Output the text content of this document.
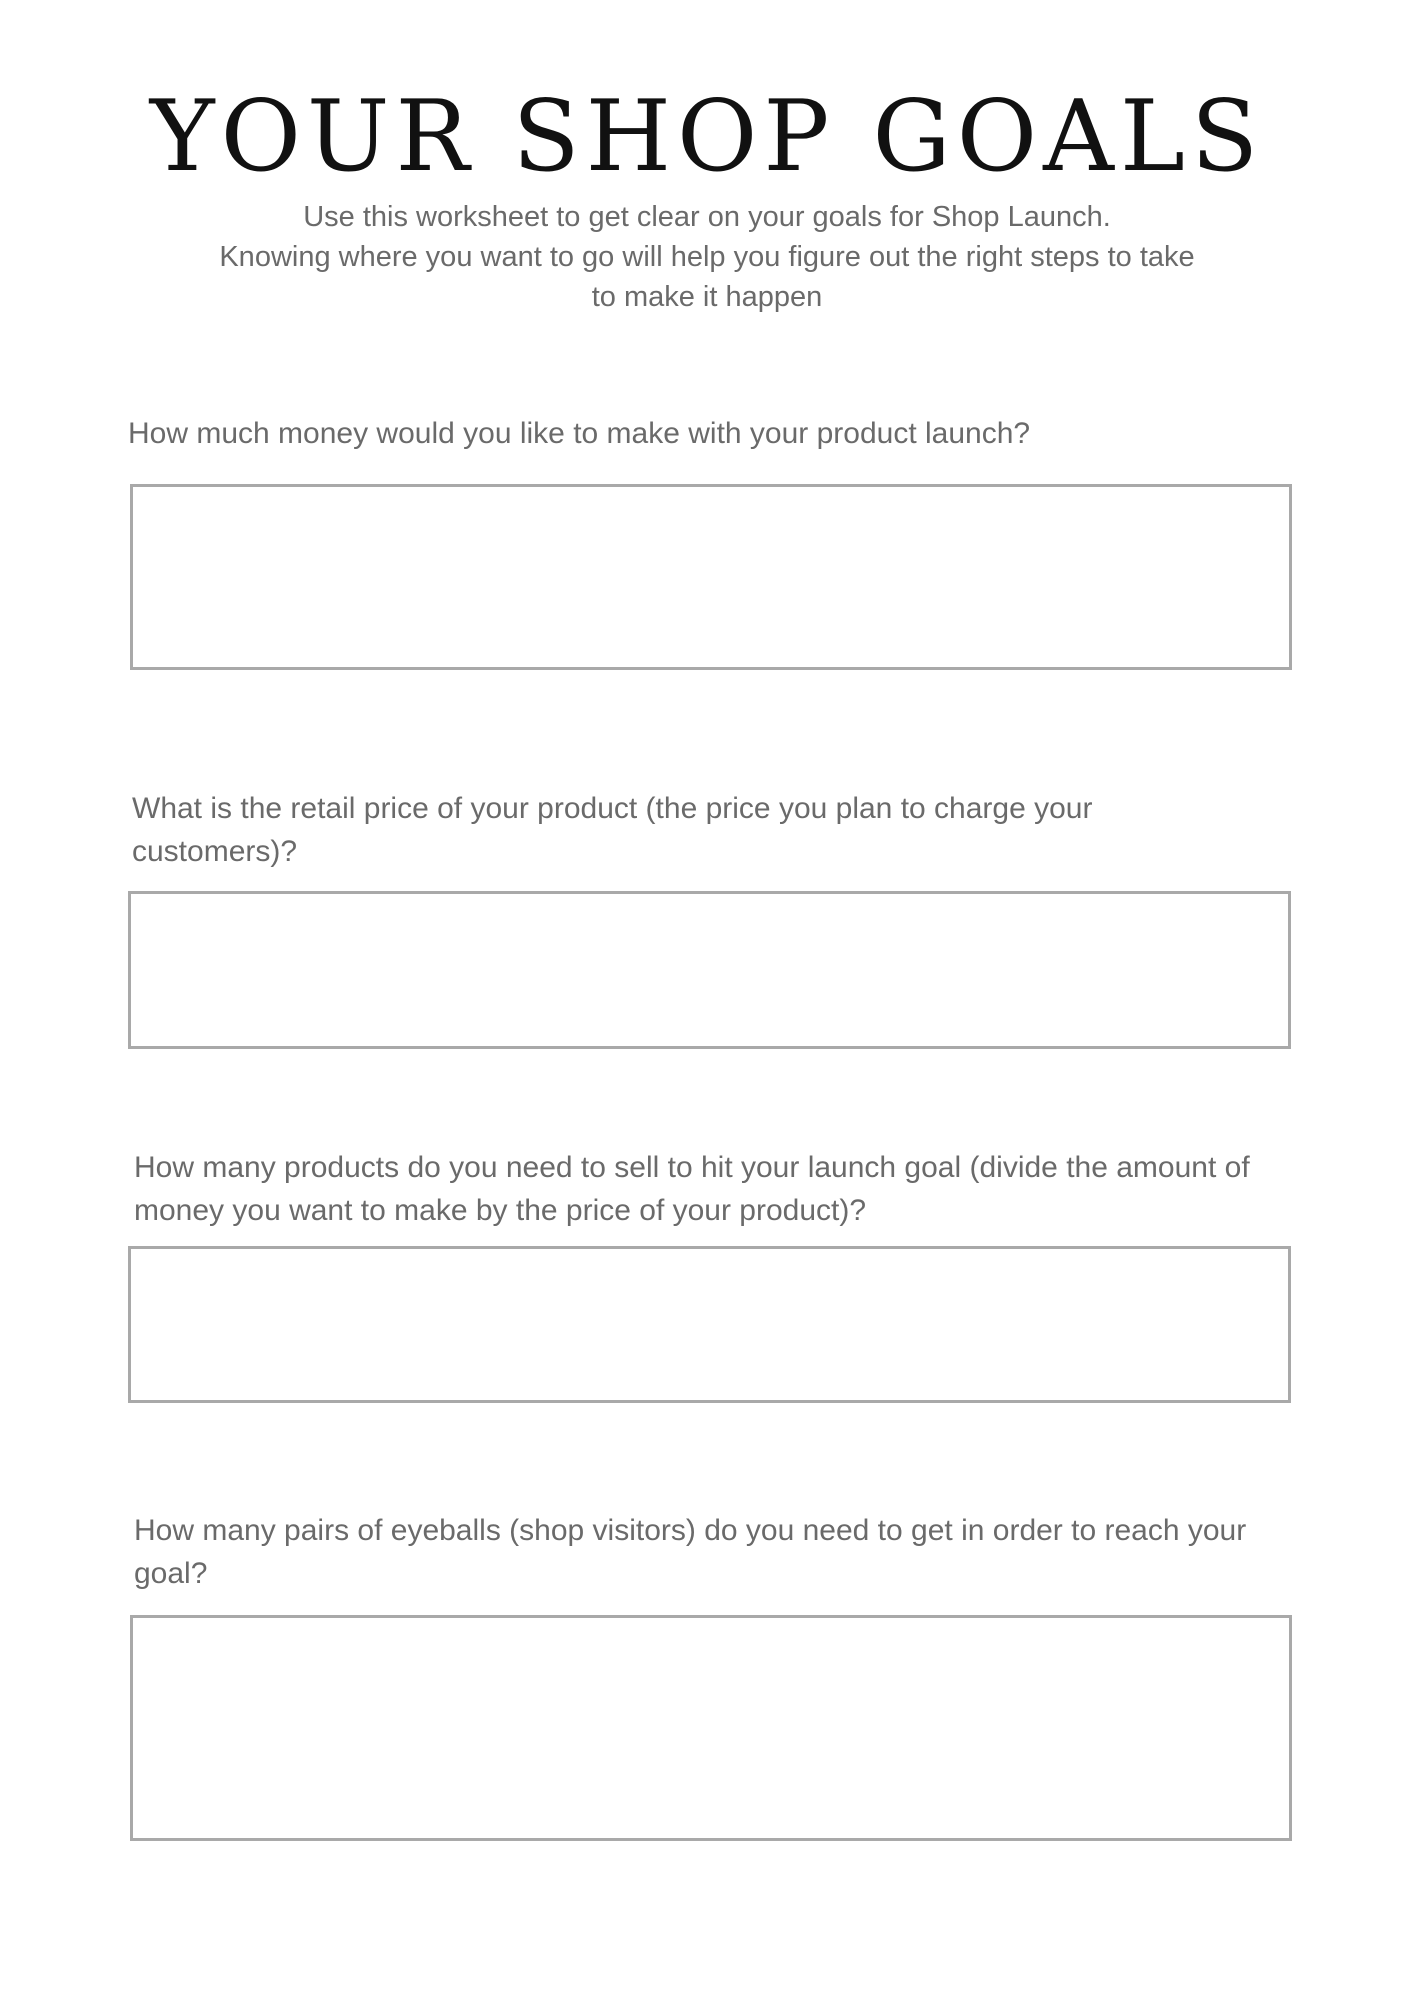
YOUR SHOP GOALS

Use this worksheet to get clear on your goals for Shop Launch.
Knowing where you want to go will help you figure out the right steps to take
to make it happen

How much money would you like to make with your product launch?

What is the retail price of your product (the price you plan to charge your customers)?

How many products do you need to sell to hit your launch goal (divide the amount of money you want to make by the price of your product)?

How many pairs of eyeballs (shop visitors) do you need to get in order to reach your goal?
